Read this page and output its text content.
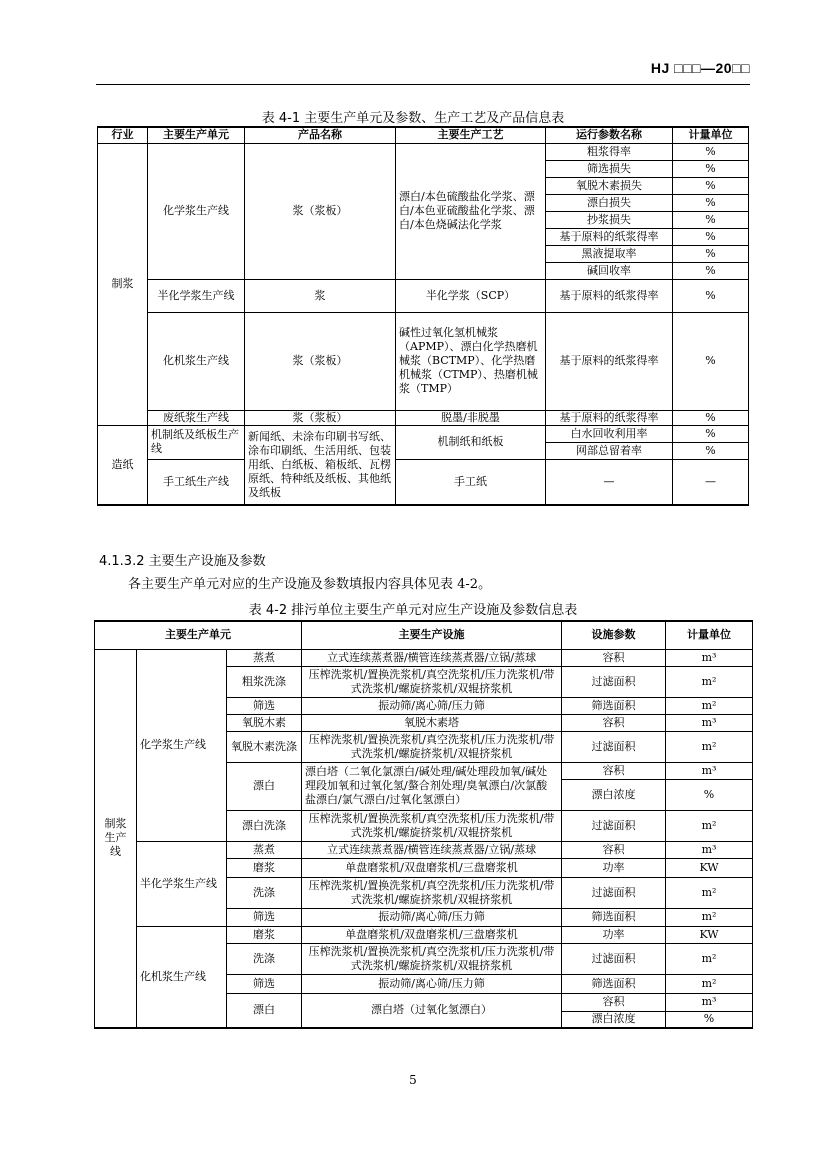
HJ □□□—20□□
表 4-1 主要生产单元及参数、生产工艺及产品信息表
行业	主要生产单元	产品名称	主要生产工艺	运行参数名称	计量单位
制浆	化学浆生产线	浆（浆板）	漂白/本色硫酸盐化学浆、漂白/本色亚硫酸盐化学浆、漂白/本色烧碱法化学浆	粗浆得率	%
				筛选损失	%
				氧脱木素损失	%
				漂白损失	%
				抄浆损失	%
				基于原料的纸浆得率	%
				黑液提取率	%
				碱回收率	%
	半化学浆生产线	浆	半化学浆（SCP）	基于原料的纸浆得率	%
	化机浆生产线	浆（浆板）	碱性过氧化氢机械浆（APMP）、漂白化学热磨机械浆（BCTMP）、化学热磨机械浆（CTMP）、热磨机械浆（TMP）	基于原料的纸浆得率	%
	废纸浆生产线	浆（浆板）	脱墨/非脱墨	基于原料的纸浆得率	%

造纸	机制纸及纸板生产线	新闻纸、未涂布印刷书写纸、涂布印刷纸、生活用纸、包装用纸、白纸板、箱板纸、瓦楞原纸、特种纸及纸板、其他纸及纸板	机制纸和纸板	白水回收利用率	%
				网部总留着率	%
	手工纸生产线		手工纸	—	—
4.1.3.2 主要生产设施及参数
各主要生产单元对应的生产设施及参数填报内容具体见表 4-2。
表 4-2 排污单位主要生产单元对应生产设施及参数信息表
主要生产单元			主要生产设施	设施参数	计量单位
制浆生产线	化学浆生产线	蒸煮	立式连续蒸煮器/横管连续蒸煮器/立锅/蒸球	容积	m³
		粗浆洗涤	压榨洗浆机/置换洗浆机/真空洗浆机/压力洗浆机/带式洗浆机/螺旋挤浆机/双辊挤浆机	过滤面积	m²
		筛选	振动筛/离心筛/压力筛	筛选面积	m²
		氧脱木素	氧脱木素塔	容积	m³
		氧脱木素洗涤	压榨洗浆机/置换洗浆机/真空洗浆机/压力洗浆机/带式洗浆机/螺旋挤浆机/双辊挤浆机	过滤面积	m²
		漂白	漂白塔（二氧化氯漂白/碱处理/碱处理段加氧/碱处理段加氧和过氧化氢/螯合剂处理/臭氧漂白/次氯酸盐漂白/氯气漂白/过氧化氢漂白）	容积	m³
				漂白浓度	%
		漂白洗涤	压榨洗浆机/置换洗浆机/真空洗浆机/压力洗浆机/带式洗浆机/螺旋挤浆机/双辊挤浆机	过滤面积	m²
	半化学浆生产线	蒸煮	立式连续蒸煮器/横管连续蒸煮器/立锅/蒸球	容积	m³
		磨浆	单盘磨浆机/双盘磨浆机/三盘磨浆机	功率	KW
		洗涤	压榨洗浆机/置换洗浆机/真空洗浆机/压力洗浆机/带式洗浆机/螺旋挤浆机/双辊挤浆机	过滤面积	m²
		筛选	振动筛/离心筛/压力筛	筛选面积	m²
	化机浆生产线	磨浆	单盘磨浆机/双盘磨浆机/三盘磨浆机	功率	KW
		洗涤	压榨洗浆机/置换洗浆机/真空洗浆机/压力洗浆机/带式洗浆机/螺旋挤浆机/双辊挤浆机	过滤面积	m²
		筛选	振动筛/离心筛/压力筛	筛选面积	m²
		漂白	漂白塔（过氧化氢漂白）	容积	m³
				漂白浓度	%
5
